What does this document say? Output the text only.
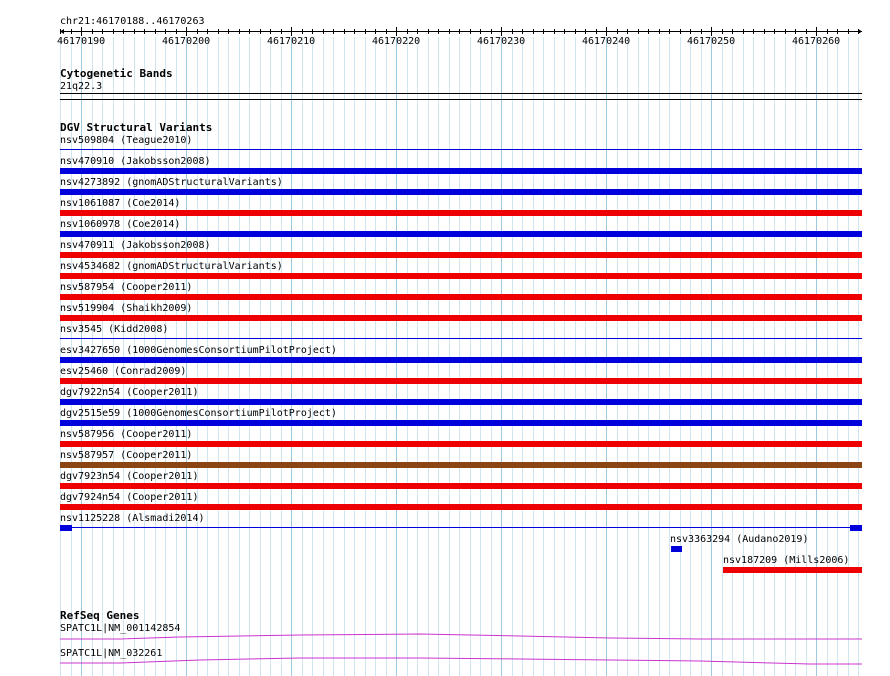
chr21:46170188..46170263
46170190	46170200	46170210	46170220	46170230	46170240	46170250	46170260
Cytogenetic Bands
21q22.3
DGV Structural Variants
nsv509804 (Teague2010)
nsv470910 (Jakobsson2008)
nsv4273892 (gnomADStructuralVariants)
nsv1061087 (Coe2014)
nsv1060978 (Coe2014)
nsv470911 (Jakobsson2008)
nsv4534682 (gnomADStructuralVariants)
nsv587954 (Cooper2011)
nsv519904 (Shaikh2009)
nsv3545 (Kidd2008)
esv3427650 (1000GenomesConsortiumPilotProject)
esv25460 (Conrad2009)
dgv7922n54 (Cooper2011)
dgv2515e59 (1000GenomesConsortiumPilotProject)
nsv587956 (Cooper2011)
nsv587957 (Cooper2011)
dgv7923n54 (Cooper2011)
dgv7924n54 (Cooper2011)
nsv1125228 (Alsmadi2014)
nsv3363294 (Audano2019)
nsv187209 (Mills2006)
RefSeq Genes
SPATC1L|NM_001142854
SPATC1L|NM_032261
